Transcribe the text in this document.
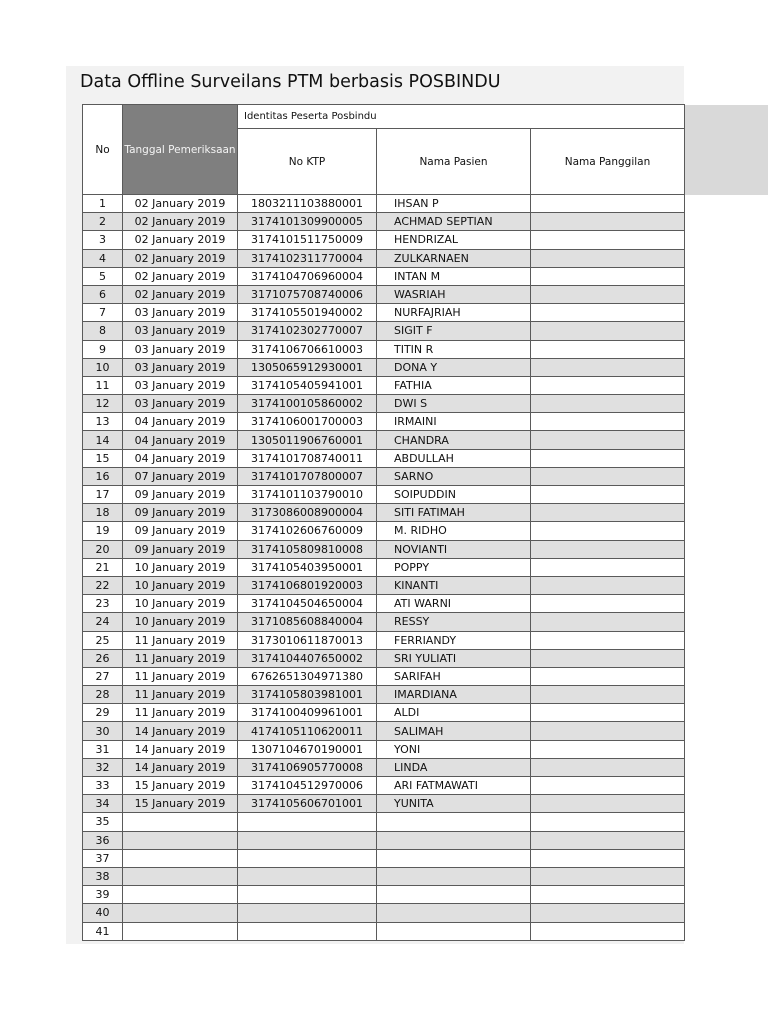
Data Offline Surveilans PTM berbasis POSBINDU
No	Tanggal Pemeriksaan	Identitas Peserta Posbindu		
		No KTP	Nama Pasien	Nama Panggilan
1	02 January 2019	1803211103880001	IHSAN P	
2	02 January 2019	3174101309900005	ACHMAD SEPTIAN	
3	02 January 2019	3174101511750009	HENDRIZAL	
4	02 January 2019	3174102311770004	ZULKARNAEN	
5	02 January 2019	3174104706960004	INTAN M	
6	02 January 2019	3171075708740006	WASRIAH	
7	03 January 2019	3174105501940002	NURFAJRIAH	
8	03 January 2019	3174102302770007	SIGIT F	
9	03 January 2019	3174106706610003	TITIN R	
10	03 January 2019	1305065912930001	DONA Y	
11	03 January 2019	3174105405941001	FATHIA	
12	03 January 2019	3174100105860002	DWI S	
13	04 January 2019	3174106001700003	IRMAINI	
14	04 January 2019	1305011906760001	CHANDRA	
15	04 January 2019	3174101708740011	ABDULLAH	
16	07 January 2019	3174101707800007	SARNO	
17	09 January 2019	3174101103790010	SOIPUDDIN	
18	09 January 2019	3173086008900004	SITI FATIMAH	
19	09 January 2019	3174102606760009	M. RIDHO	
20	09 January 2019	3174105809810008	NOVIANTI	
21	10 January 2019	3174105403950001	POPPY	
22	10 January 2019	3174106801920003	KINANTI	
23	10 January 2019	3174104504650004	ATI WARNI	
24	10 January 2019	3171085608840004	RESSY	
25	11 January 2019	3173010611870013	FERRIANDY	
26	11 January 2019	3174104407650002	SRI YULIATI	
27	11 January 2019	6762651304971380	SARIFAH	
28	11 January 2019	3174105803981001	IMARDIANA	
29	11 January 2019	3174100409961001	ALDI	
30	14 January 2019	4174105110620011	SALIMAH	
31	14 January 2019	1307104670190001	YONI	
32	14 January 2019	3174106905770008	LINDA	
33	15 January 2019	3174104512970006	ARI FATMAWATI	
34	15 January 2019	3174105606701001	YUNITA	
35				
36				
37				
38				
39				
40				
41				
